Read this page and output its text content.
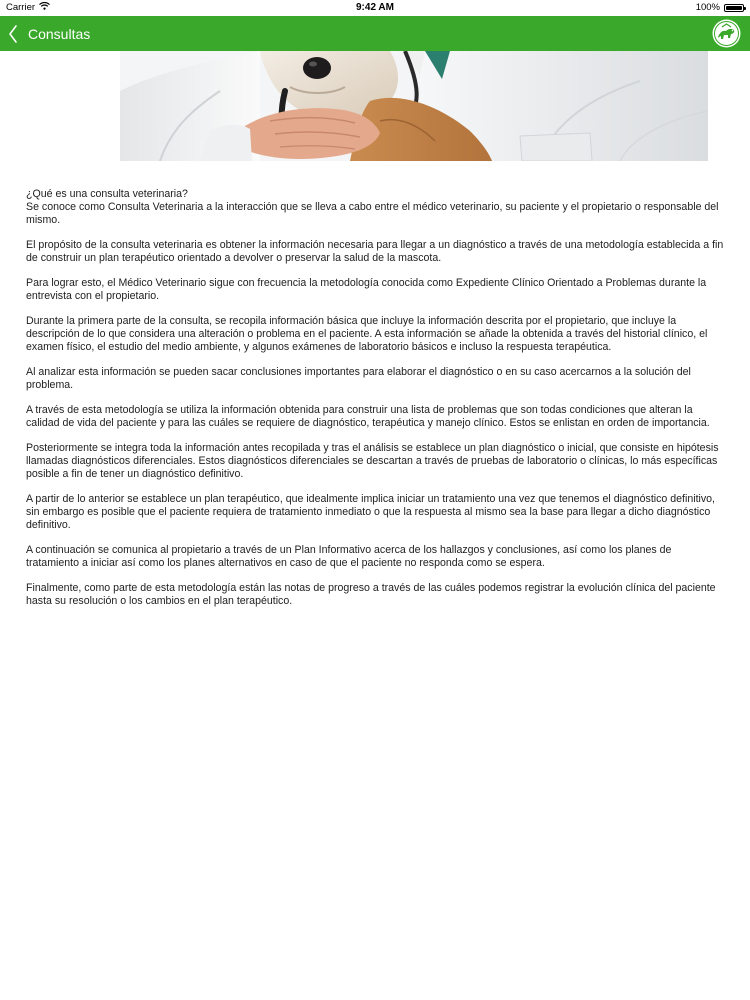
Carrier	9:42 AM	100%
Consultas
¿Qué es una consulta veterinaria?

Se conoce como Consulta Veterinaria a la interacción que se lleva a cabo entre el médico veterinario, su paciente y el propietario o responsable del mismo.

El propósito de la consulta veterinaria es obtener la información necesaria para llegar a un diagnóstico a través de una metodología establecida a fin de construir un plan terapéutico orientado a devolver o preservar la salud de la mascota.

Para lograr esto, el Médico Veterinario sigue con frecuencia la metodología conocida como Expediente Clínico Orientado a Problemas durante la entrevista con el propietario.

Durante la primera parte de la consulta, se recopila información básica que incluye la información descrita por el propietario, que incluye la descripción de lo que considera una alteración o problema en el paciente. A esta información se añade la obtenida a través del historial clínico, el examen físico, el estudio del medio ambiente, y algunos exámenes de laboratorio básicos e incluso la respuesta terapéutica.

Al analizar esta información se pueden sacar conclusiones importantes para elaborar el diagnóstico o en su caso acercarnos a la solución del problema.

A través de esta metodología se utiliza la información obtenida para construir una lista de problemas que son todas condiciones que alteran la calidad de vida del paciente y para las cuáles se requiere de diagnóstico, terapéutica y manejo clínico. Estos se enlistan en orden de importancia.

Posteriormente se integra toda la información antes recopilada y tras el análisis se establece un plan diagnóstico o inicial, que consiste en hipótesis llamadas diagnósticos diferenciales. Estos diagnósticos diferenciales se descartan a través de pruebas de laboratorio o clínicas, lo más específicas posible a fin de tener un diagnóstico definitivo.

A partir de lo anterior se establece un plan terapéutico, que idealmente implica iniciar un tratamiento una vez que tenemos el diagnóstico definitivo, sin embargo es posible que el paciente requiera de tratamiento inmediato o que la respuesta al mismo sea la base para llegar a dicho diagnóstico definitivo.

A continuación se comunica al propietario a través de un Plan Informativo acerca de los hallazgos y conclusiones, así como los planes de tratamiento a iniciar así como los planes alternativos en caso de que el paciente no responda como se espera.

Finalmente, como parte de esta metodología están las notas de progreso a través de las cuáles podemos registrar la evolución clínica del paciente hasta su resolución o los cambios en el plan terapéutico.
